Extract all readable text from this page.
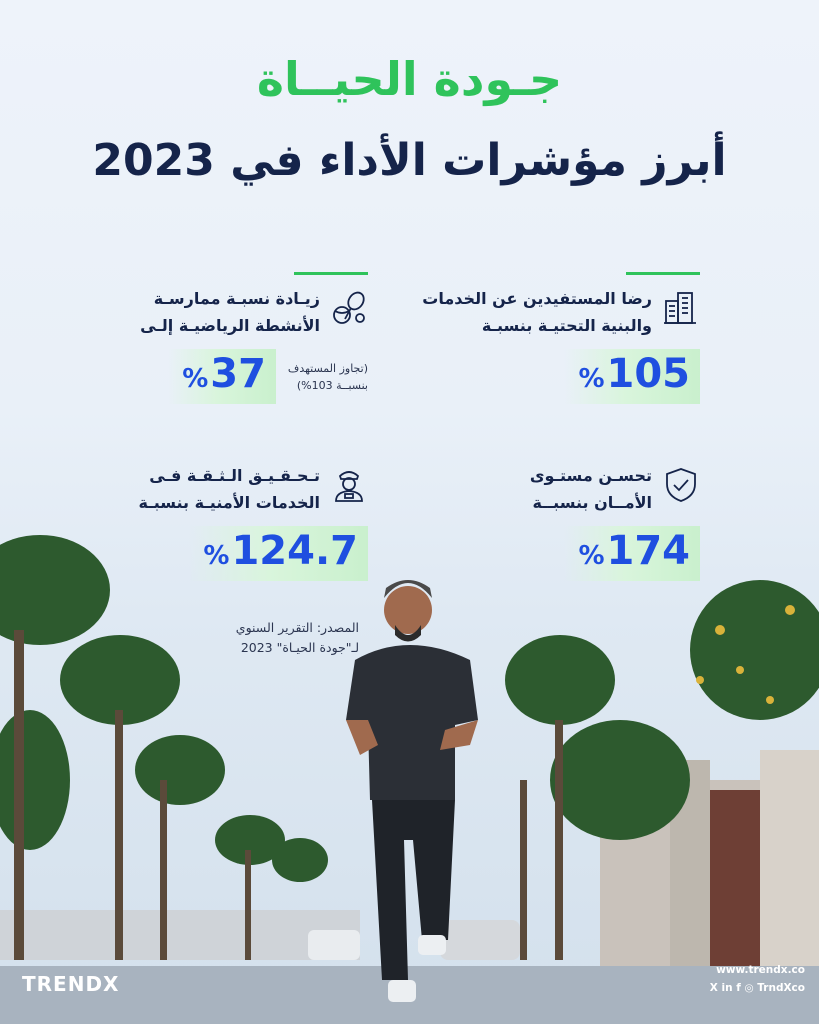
جـودة الحيــاة
أبرز مؤشرات الأداء في 2023
رضا المستفيدين عن الخدمات
والبنية التحتيـة بنسبـة
%105
زيـادة نسبـة ممارسـة
الأنشطة الرياضيـة إلـى
%37	(تجاوز المستهدف
بنسبــة 103%)
تحسـن مستـوى
الأمــان بنسبــة
%174
تـحـقـيـق الـثـقـة فـى
الخدمات الأمنيـة بنسبـة
%124.7
المصدر: التقرير السنوي
لـ"جودة الحيـاة" 2023
TRENDX
www.trendx.co
X in f ◎ TrndXco
